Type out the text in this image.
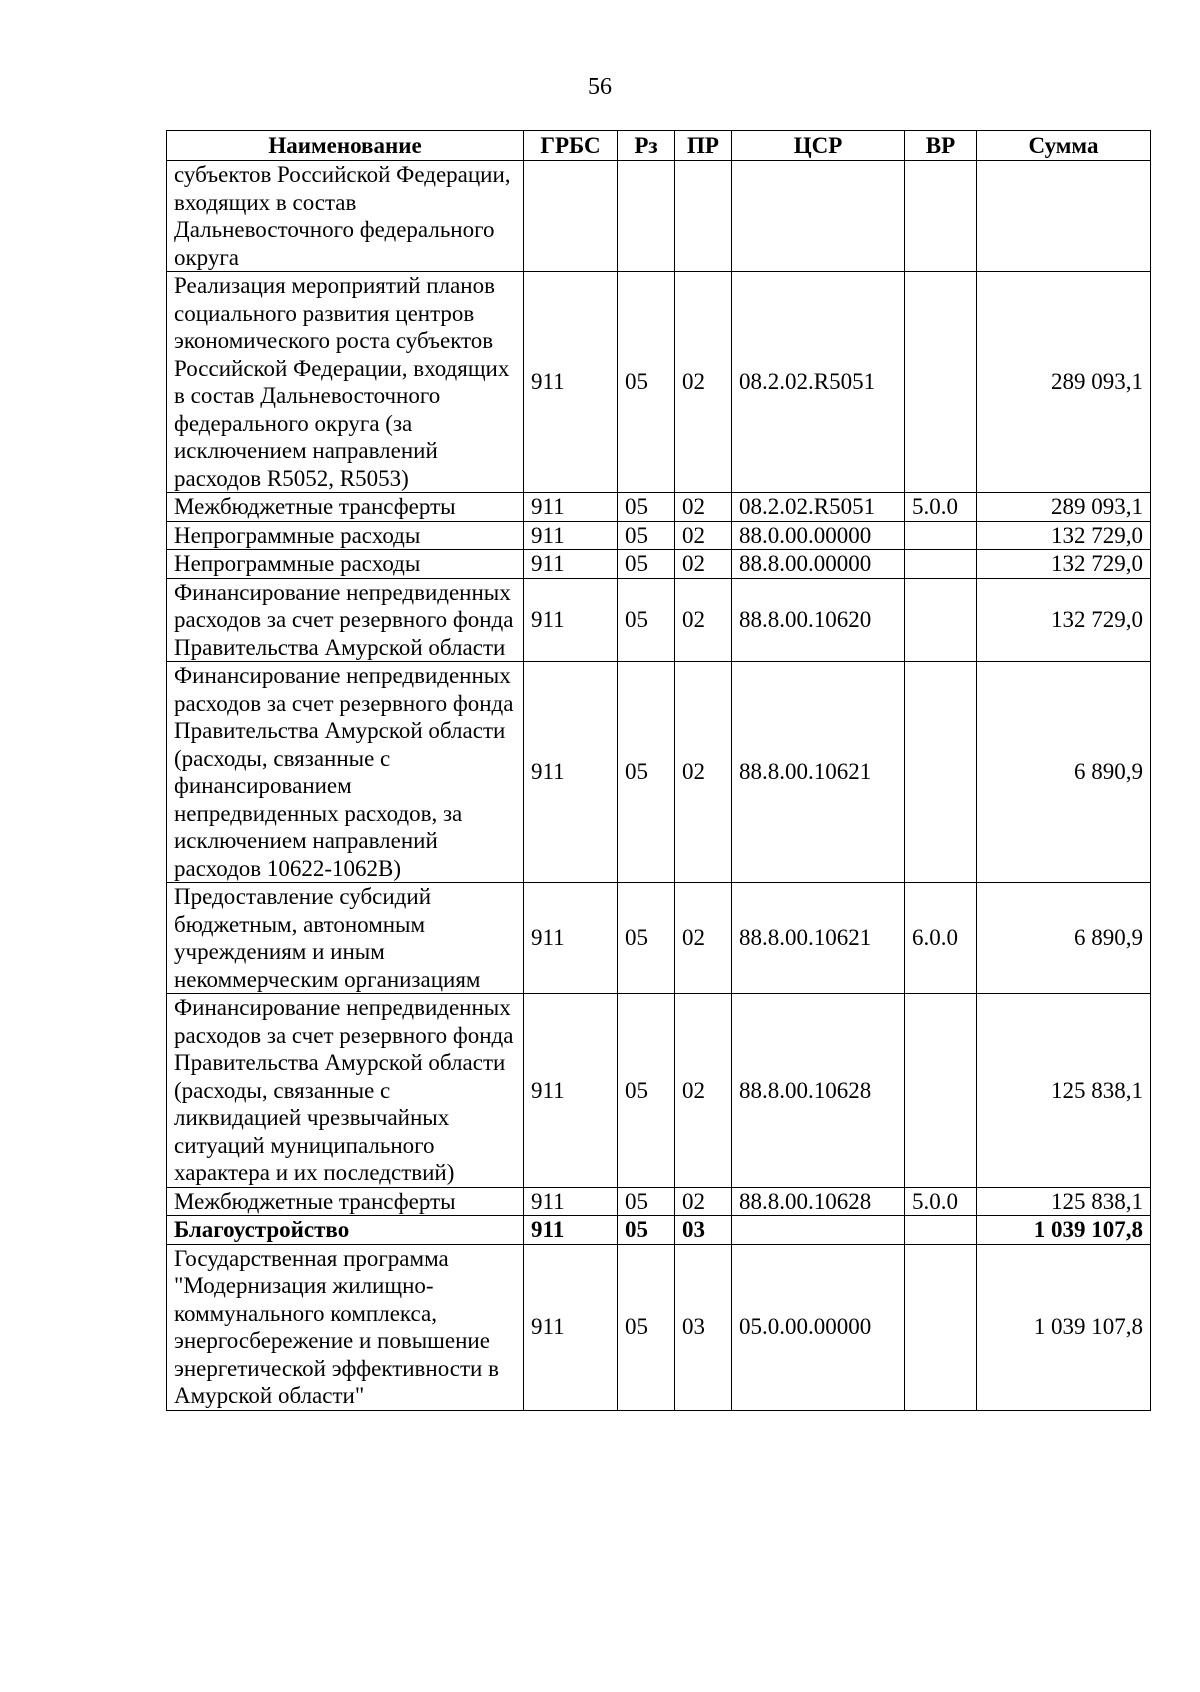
56
Наименование	ГРБС	Рз	ПР	ЦСР	ВР	Сумма
субъектов Российской Федерации, входящих в состав Дальневосточного федерального округа						
Реализация мероприятий планов социального развития центров экономического роста субъектов Российской Федерации, входящих в состав Дальневосточного федерального округа (за исключением направлений расходов R5052, R5053)	911	05	02	08.2.02.R5051		289 093,1
Межбюджетные трансферты	911	05	02	08.2.02.R5051	5.0.0	289 093,1
Непрограммные расходы	911	05	02	88.0.00.00000		132 729,0
Непрограммные расходы	911	05	02	88.8.00.00000		132 729,0
Финансирование непредвиденных расходов за счет резервного фонда Правительства Амурской области	911	05	02	88.8.00.10620		132 729,0
Финансирование непредвиденных расходов за счет резервного фонда Правительства Амурской области (расходы, связанные с финансированием непредвиденных расходов, за исключением направлений расходов 10622-1062В)	911	05	02	88.8.00.10621		6 890,9
Предоставление субсидий бюджетным, автономным учреждениям и иным некоммерческим организациям	911	05	02	88.8.00.10621	6.0.0	6 890,9
Финансирование непредвиденных расходов за счет резервного фонда Правительства Амурской области (расходы, связанные с ликвидацией чрезвычайных ситуаций муниципального характера и их последствий)	911	05	02	88.8.00.10628		125 838,1
Межбюджетные трансферты	911	05	02	88.8.00.10628	5.0.0	125 838,1
Благоустройство	911	05	03			1 039 107,8
Государственная программа "Модернизация жилищно-коммунального комплекса, энергосбережение и повышение энергетической эффективности в Амурской области"	911	05	03	05.0.00.00000		1 039 107,8
